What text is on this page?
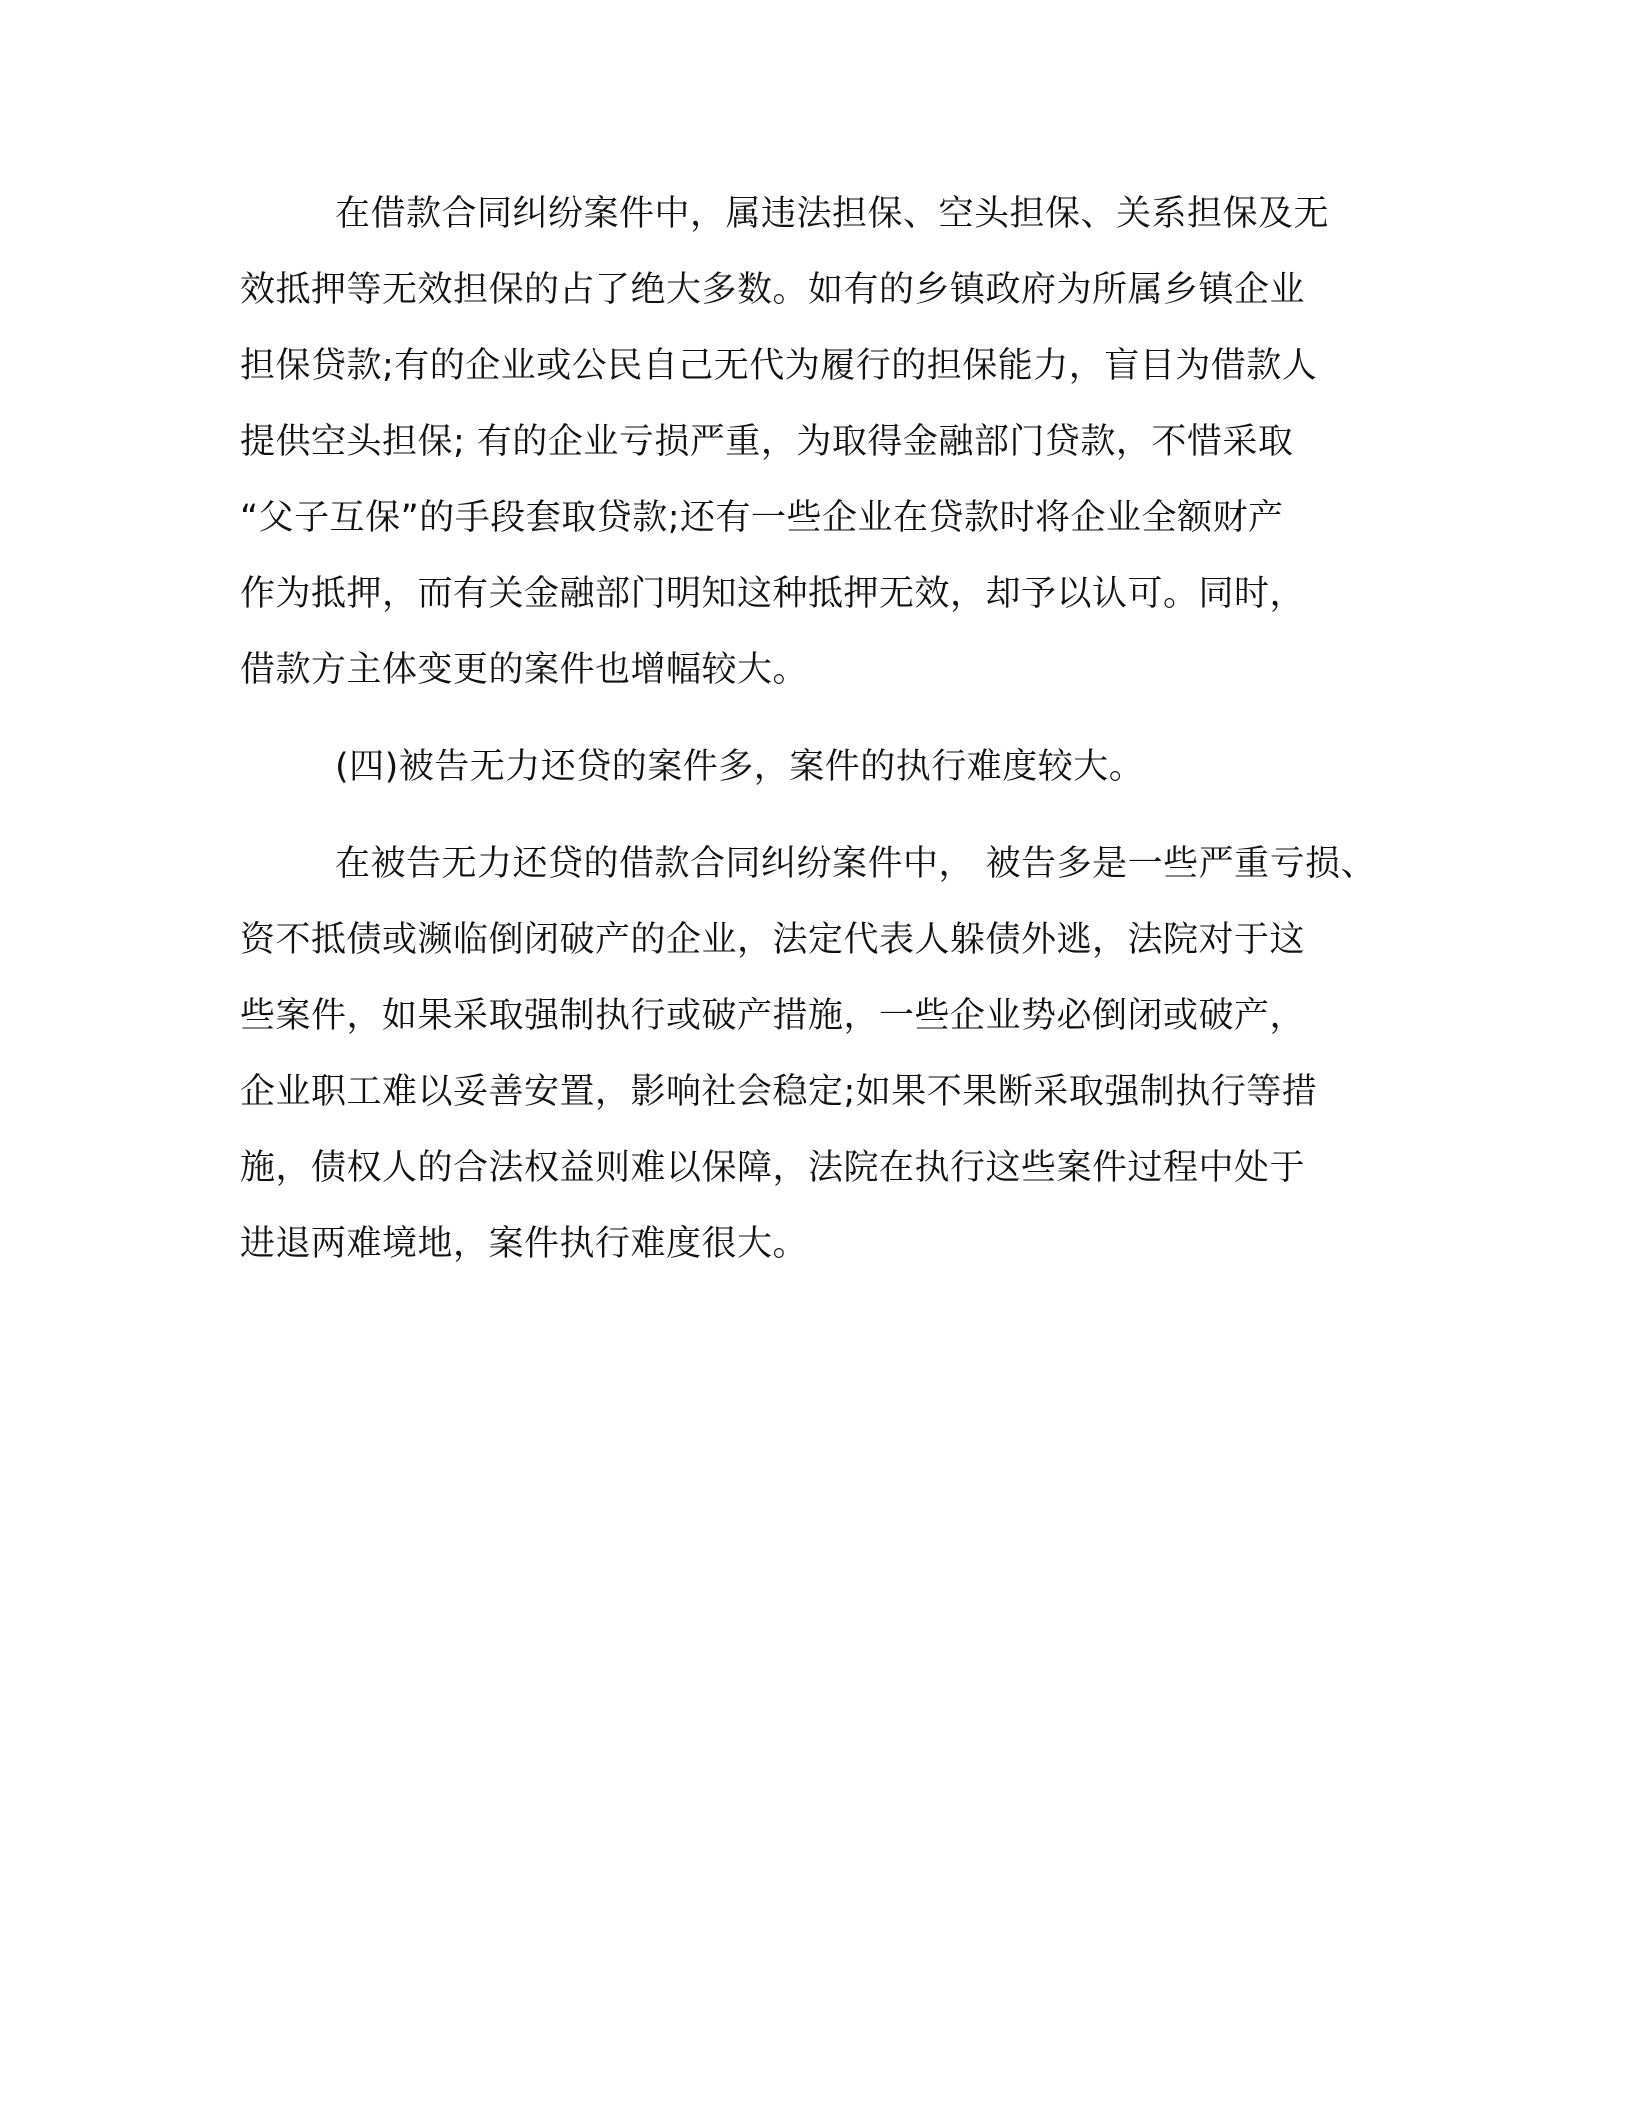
在借款合同纠纷案件中，属违法担保、空头担保、关系担保及无
效抵押等无效担保的占了绝大多数。如有的乡镇政府为所属乡镇企业
担保贷款;有的企业或公民自己无代为履行的担保能力，盲目为借款人
提供空头担保; 有的企业亏损严重，为取得金融部门贷款，不惜采取
“父子互保”的手段套取贷款;还有一些企业在贷款时将企业全额财产
作为抵押，而有关金融部门明知这种抵押无效，却予以认可。同时，
借款方主体变更的案件也增幅较大。
(四)被告无力还贷的案件多，案件的执行难度较大。
在被告无力还贷的借款合同纠纷案件中， 被告多是一些严重亏损、
资不抵债或濒临倒闭破产的企业，法定代表人躲债外逃，法院对于这
些案件，如果采取强制执行或破产措施，一些企业势必倒闭或破产，
企业职工难以妥善安置，影响社会稳定;如果不果断采取强制执行等措
施，债权人的合法权益则难以保障，法院在执行这些案件过程中处于
进退两难境地，案件执行难度很大。
